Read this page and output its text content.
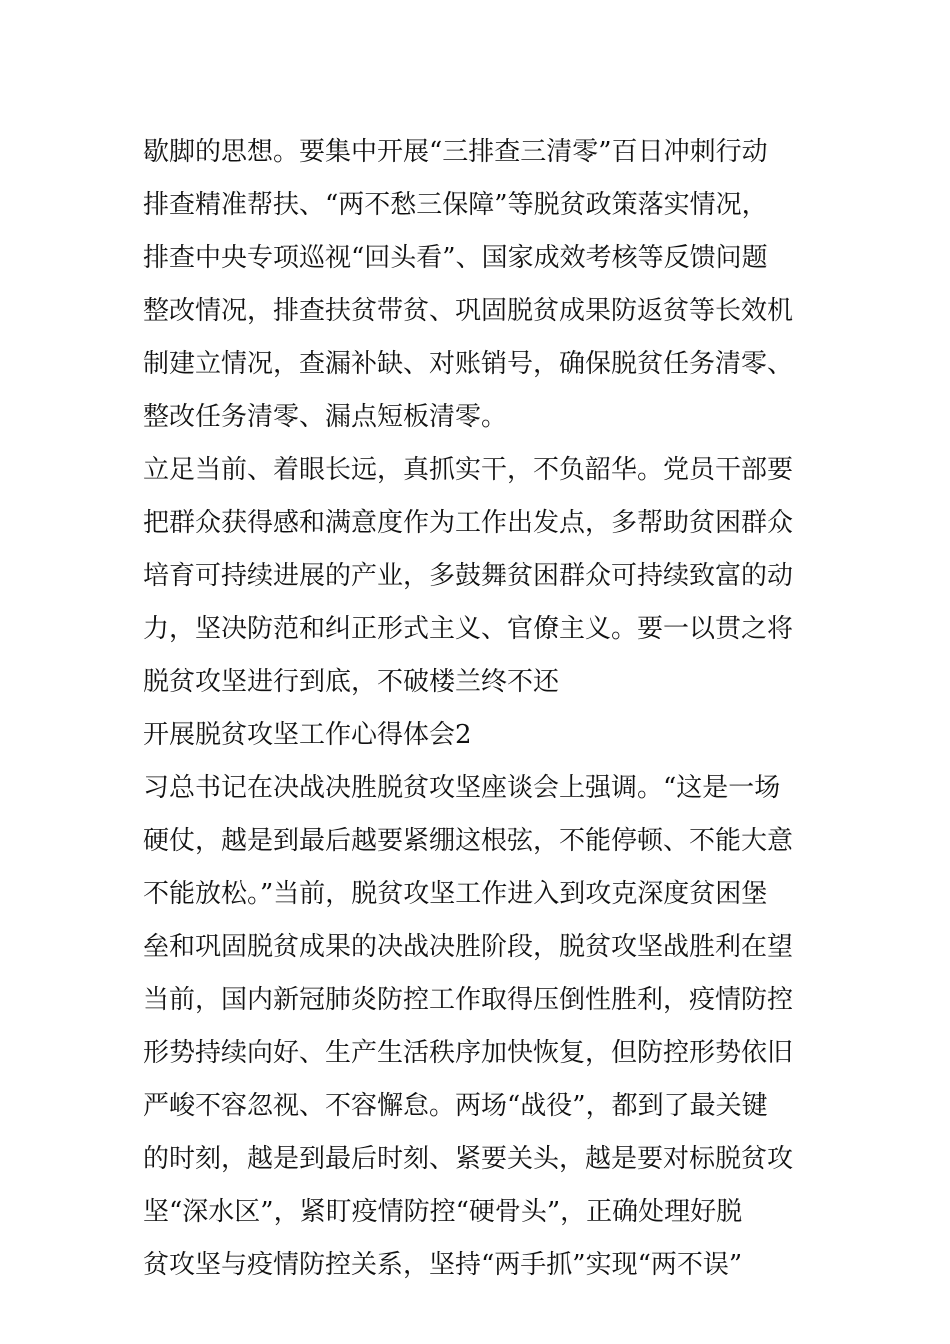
歇脚的思想。要集中开展“三排查三清零”百日冲刺行动
排查精准帮扶、“两不愁三保障”等脱贫政策落实情况，
排查中央专项巡视“回头看”、国家成效考核等反馈问题
整改情况，排查扶贫带贫、巩固脱贫成果防返贫等长效机
制建立情况，查漏补缺、对账销号，确保脱贫任务清零、
整改任务清零、漏点短板清零。
立足当前、着眼长远，真抓实干，不负韶华。党员干部要
把群众获得感和满意度作为工作出发点，多帮助贫困群众
培育可持续进展的产业，多鼓舞贫困群众可持续致富的动
力，坚决防范和纠正形式主义、官僚主义。要一以贯之将
脱贫攻坚进行到底，不破楼兰终不还
开展脱贫攻坚工作心得体会2
习总书记在决战决胜脱贫攻坚座谈会上强调。“这是一场
硬仗，越是到最后越要紧绷这根弦，不能停顿、不能大意
不能放松。”当前，脱贫攻坚工作进入到攻克深度贫困堡
垒和巩固脱贫成果的决战决胜阶段，脱贫攻坚战胜利在望
当前，国内新冠肺炎防控工作取得压倒性胜利，疫情防控
形势持续向好、生产生活秩序加快恢复，但防控形势依旧
严峻不容忽视、不容懈怠。两场“战役”，都到了最关键
的时刻，越是到最后时刻、紧要关头，越是要对标脱贫攻
坚“深水区”，紧盯疫情防控“硬骨头”，正确处理好脱
贫攻坚与疫情防控关系，坚持“两手抓”实现“两不误”
